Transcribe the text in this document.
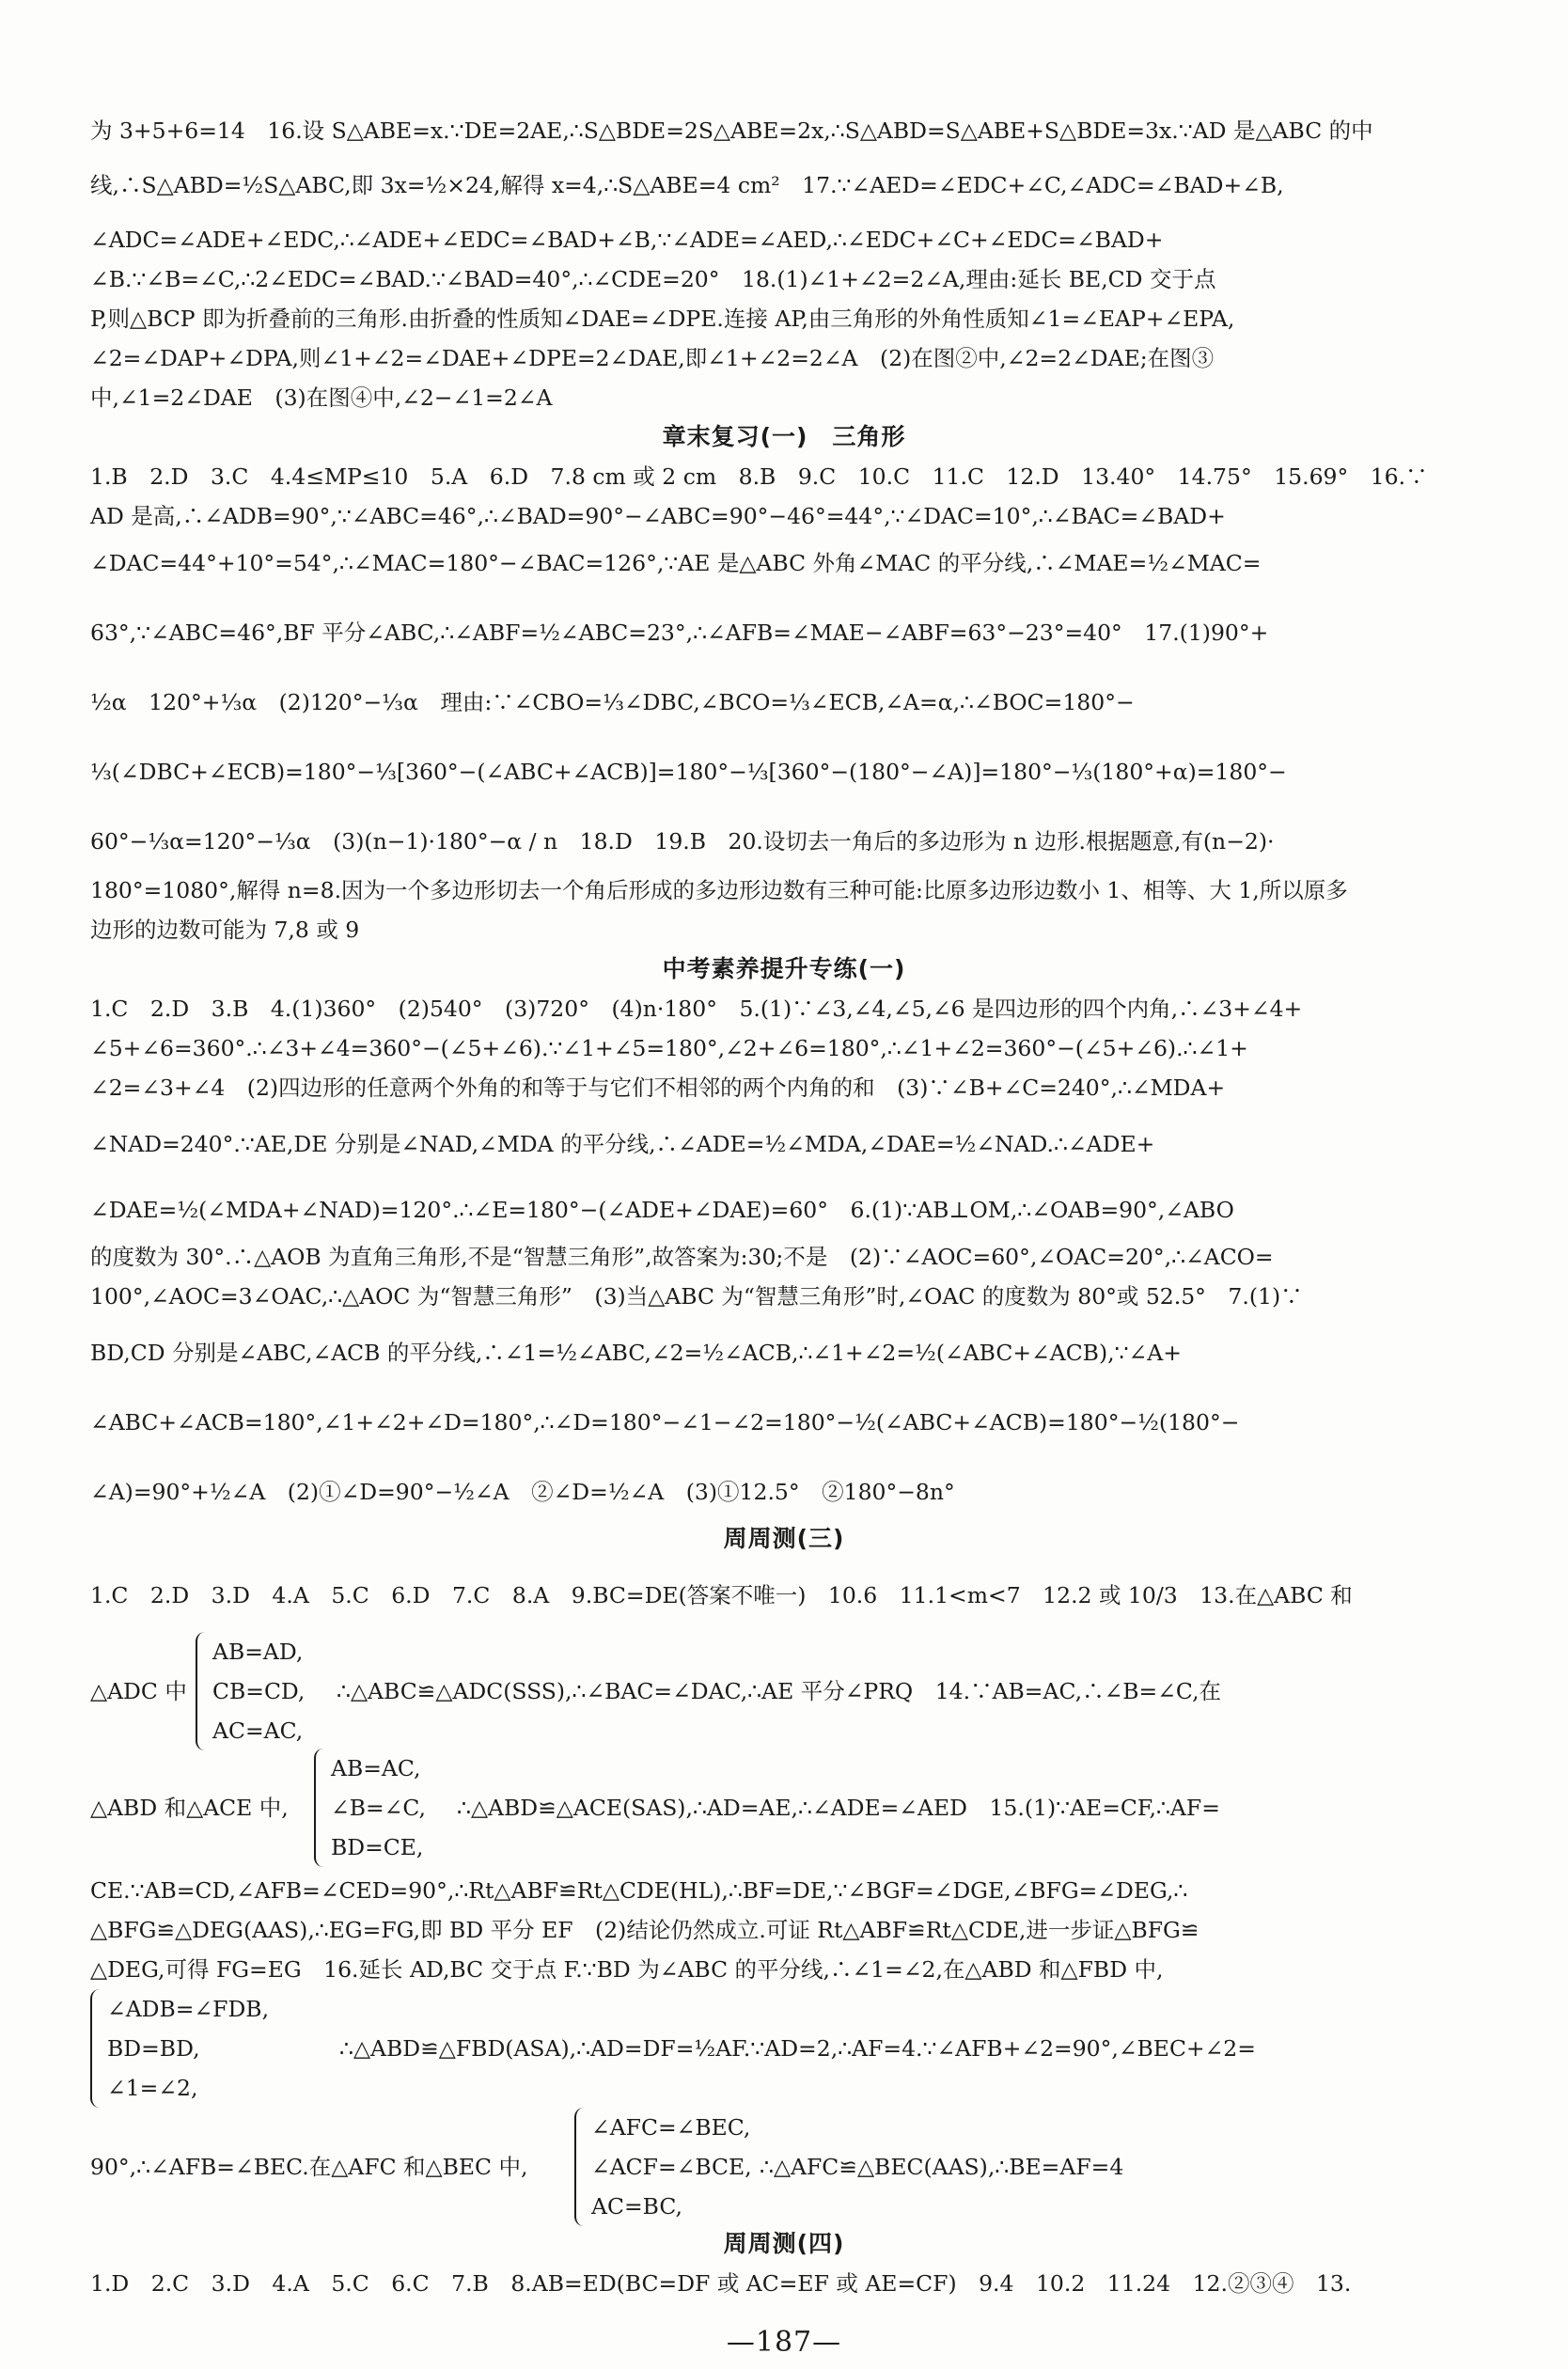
为 3+5+6=14　16.设 S△ABE=x.∵DE=2AE,∴S△BDE=2S△ABE=2x,∴S△ABD=S△ABE+S△BDE=3x.∵AD 是△ABC 的中
线,∴S△ABD=½S△ABC,即 3x=½×24,解得 x=4,∴S△ABE=4 cm²　17.∵∠AED=∠EDC+∠C,∠ADC=∠BAD+∠B,
∠ADC=∠ADE+∠EDC,∴∠ADE+∠EDC=∠BAD+∠B,∵∠ADE=∠AED,∴∠EDC+∠C+∠EDC=∠BAD+
∠B.∵∠B=∠C,∴2∠EDC=∠BAD.∵∠BAD=40°,∴∠CDE=20°　18.(1)∠1+∠2=2∠A,理由:延长 BE,CD 交于点
P,则△BCP 即为折叠前的三角形.由折叠的性质知∠DAE=∠DPE.连接 AP,由三角形的外角性质知∠1=∠EAP+∠EPA,
∠2=∠DAP+∠DPA,则∠1+∠2=∠DAE+∠DPE=2∠DAE,即∠1+∠2=2∠A　(2)在图②中,∠2=2∠DAE;在图③
中,∠1=2∠DAE　(3)在图④中,∠2−∠1=2∠A
章末复习(一)　三角形
1.B　2.D　3.C　4.4≤MP≤10　5.A　6.D　7.8 cm 或 2 cm　8.B　9.C　10.C　11.C　12.D　13.40°　14.75°　15.69°　16.∵
AD 是高,∴∠ADB=90°,∵∠ABC=46°,∴∠BAD=90°−∠ABC=90°−46°=44°,∵∠DAC=10°,∴∠BAC=∠BAD+
∠DAC=44°+10°=54°,∴∠MAC=180°−∠BAC=126°,∵AE 是△ABC 外角∠MAC 的平分线,∴∠MAE=½∠MAC=
63°,∵∠ABC=46°,BF 平分∠ABC,∴∠ABF=½∠ABC=23°,∴∠AFB=∠MAE−∠ABF=63°−23°=40°　17.(1)90°+
½α　120°+⅓α　(2)120°−⅓α　理由:∵∠CBO=⅓∠DBC,∠BCO=⅓∠ECB,∠A=α,∴∠BOC=180°−
⅓(∠DBC+∠ECB)=180°−⅓[360°−(∠ABC+∠ACB)]=180°−⅓[360°−(180°−∠A)]=180°−⅓(180°+α)=180°−
60°−⅓α=120°−⅓α　(3)(n−1)·180°−α / n　18.D　19.B　20.设切去一角后的多边形为 n 边形.根据题意,有(n−2)·
180°=1080°,解得 n=8.因为一个多边形切去一个角后形成的多边形边数有三种可能:比原多边形边数小 1、相等、大 1,所以原多
边形的边数可能为 7,8 或 9
中考素养提升专练(一)
1.C　2.D　3.B　4.(1)360°　(2)540°　(3)720°　(4)n·180°　5.(1)∵∠3,∠4,∠5,∠6 是四边形的四个内角,∴∠3+∠4+
∠5+∠6=360°.∴∠3+∠4=360°−(∠5+∠6).∵∠1+∠5=180°,∠2+∠6=180°,∴∠1+∠2=360°−(∠5+∠6).∴∠1+
∠2=∠3+∠4　(2)四边形的任意两个外角的和等于与它们不相邻的两个内角的和　(3)∵∠B+∠C=240°,∴∠MDA+
∠NAD=240°.∵AE,DE 分别是∠NAD,∠MDA 的平分线,∴∠ADE=½∠MDA,∠DAE=½∠NAD.∴∠ADE+
∠DAE=½(∠MDA+∠NAD)=120°.∴∠E=180°−(∠ADE+∠DAE)=60°　6.(1)∵AB⊥OM,∴∠OAB=90°,∠ABO
的度数为 30°.∴△AOB 为直角三角形,不是“智慧三角形”,故答案为:30;不是　(2)∵∠AOC=60°,∠OAC=20°,∴∠ACO=
100°,∠AOC=3∠OAC,∴△AOC 为“智慧三角形”　(3)当△ABC 为“智慧三角形”时,∠OAC 的度数为 80°或 52.5°　7.(1)∵
BD,CD 分别是∠ABC,∠ACB 的平分线,∴∠1=½∠ABC,∠2=½∠ACB,∴∠1+∠2=½(∠ABC+∠ACB),∵∠A+
∠ABC+∠ACB=180°,∠1+∠2+∠D=180°,∴∠D=180°−∠1−∠2=180°−½(∠ABC+∠ACB)=180°−½(180°−
∠A)=90°+½∠A　(2)①∠D=90°−½∠A　②∠D=½∠A　(3)①12.5°　②180°−8n°
周周测(三)
1.C　2.D　3.D　4.A　5.C　6.D　7.C　8.A　9.BC=DE(答案不唯一)　10.6　11.1<m<7　12.2 或 10/3　13.在△ABC 和
△ADC 中
AB=AD,
CB=CD,
AC=AC,
∴△ABC≌△ADC(SSS),∴∠BAC=∠DAC,∴AE 平分∠PRQ　14.∵AB=AC,∴∠B=∠C,在
△ABD 和△ACE 中,
AB=AC,
∠B=∠C,
BD=CE,
∴△ABD≌△ACE(SAS),∴AD=AE,∴∠ADE=∠AED　15.(1)∵AE=CF,∴AF=
CE.∵AB=CD,∠AFB=∠CED=90°,∴Rt△ABF≌Rt△CDE(HL),∴BF=DE,∵∠BGF=∠DGE,∠BFG=∠DEG,∴
△BFG≌△DEG(AAS),∴EG=FG,即 BD 平分 EF　(2)结论仍然成立.可证 Rt△ABF≌Rt△CDE,进一步证△BFG≌
△DEG,可得 FG=EG　16.延长 AD,BC 交于点 F.∵BD 为∠ABC 的平分线,∴∠1=∠2,在△ABD 和△FBD 中,
∠ADB=∠FDB,
BD=BD,
∠1=∠2,
∴△ABD≌△FBD(ASA),∴AD=DF=½AF.∵AD=2,∴AF=4.∵∠AFB+∠2=90°,∠BEC+∠2=
90°,∴∠AFB=∠BEC.在△AFC 和△BEC 中,
∠AFC=∠BEC,
∠ACF=∠BCE,
AC=BC,
∴△AFC≌△BEC(AAS),∴BE=AF=4
周周测(四)
1.D　2.C　3.D　4.A　5.C　6.C　7.B　8.AB=ED(BC=DF 或 AC=EF 或 AE=CF)　9.4　10.2　11.24　12.②③④　13.
—187—
